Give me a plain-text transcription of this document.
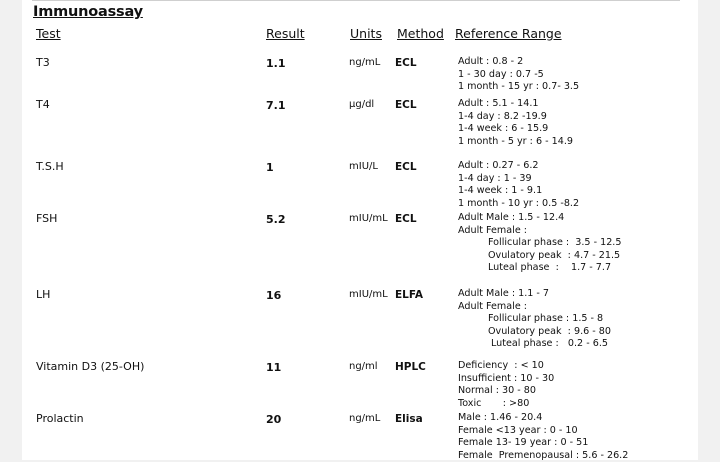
Immunoassay
Test	Result	Units Method Reference Range
T3	1.1	ng/mL ECL	Adult : 0.8 - 2
1 - 30 day : 0.7 -5
1 month - 15 yr : 0.7- 3.5
T4	7.1	µg/dl ECL	Adult : 5.1 - 14.1
1-4 day : 8.2 -19.9
1-4 week : 6 - 15.9
1 month - 5 yr : 6 - 14.9
T.S.H	1	mIU/L ECL	Adult : 0.27 - 6.2
1-4 day : 1 - 39
1-4 week : 1 - 9.1
1 month - 10 yr : 0.5 -8.2
FSH	5.2	mIU/mL ECL	Adult Male : 1.5 - 12.4
Adult Female :
Follicular phase :  3.5 - 12.5
Ovulatory peak  : 4.7 - 21.5
Luteal phase  :    1.7 - 7.7
LH	16	mIU/mL ELFA	Adult Male : 1.1 - 7
Adult Female :
Follicular phase : 1.5 - 8
Ovulatory peak  : 9.6 - 80
Luteal phase :   0.2 - 6.5
Vitamin D3 (25-OH)	11	ng/ml HPLC	Deficiency  : < 10
Insufficient : 10 - 30
Normal : 30 - 80
Toxic       : >80
Prolactin	20	ng/mL Elisa	Male : 1.46 - 20.4
Female <13 year : 0 - 10
Female 13- 19 year : 0 - 51
Female  Premenopausal : 5.6 - 26.2
